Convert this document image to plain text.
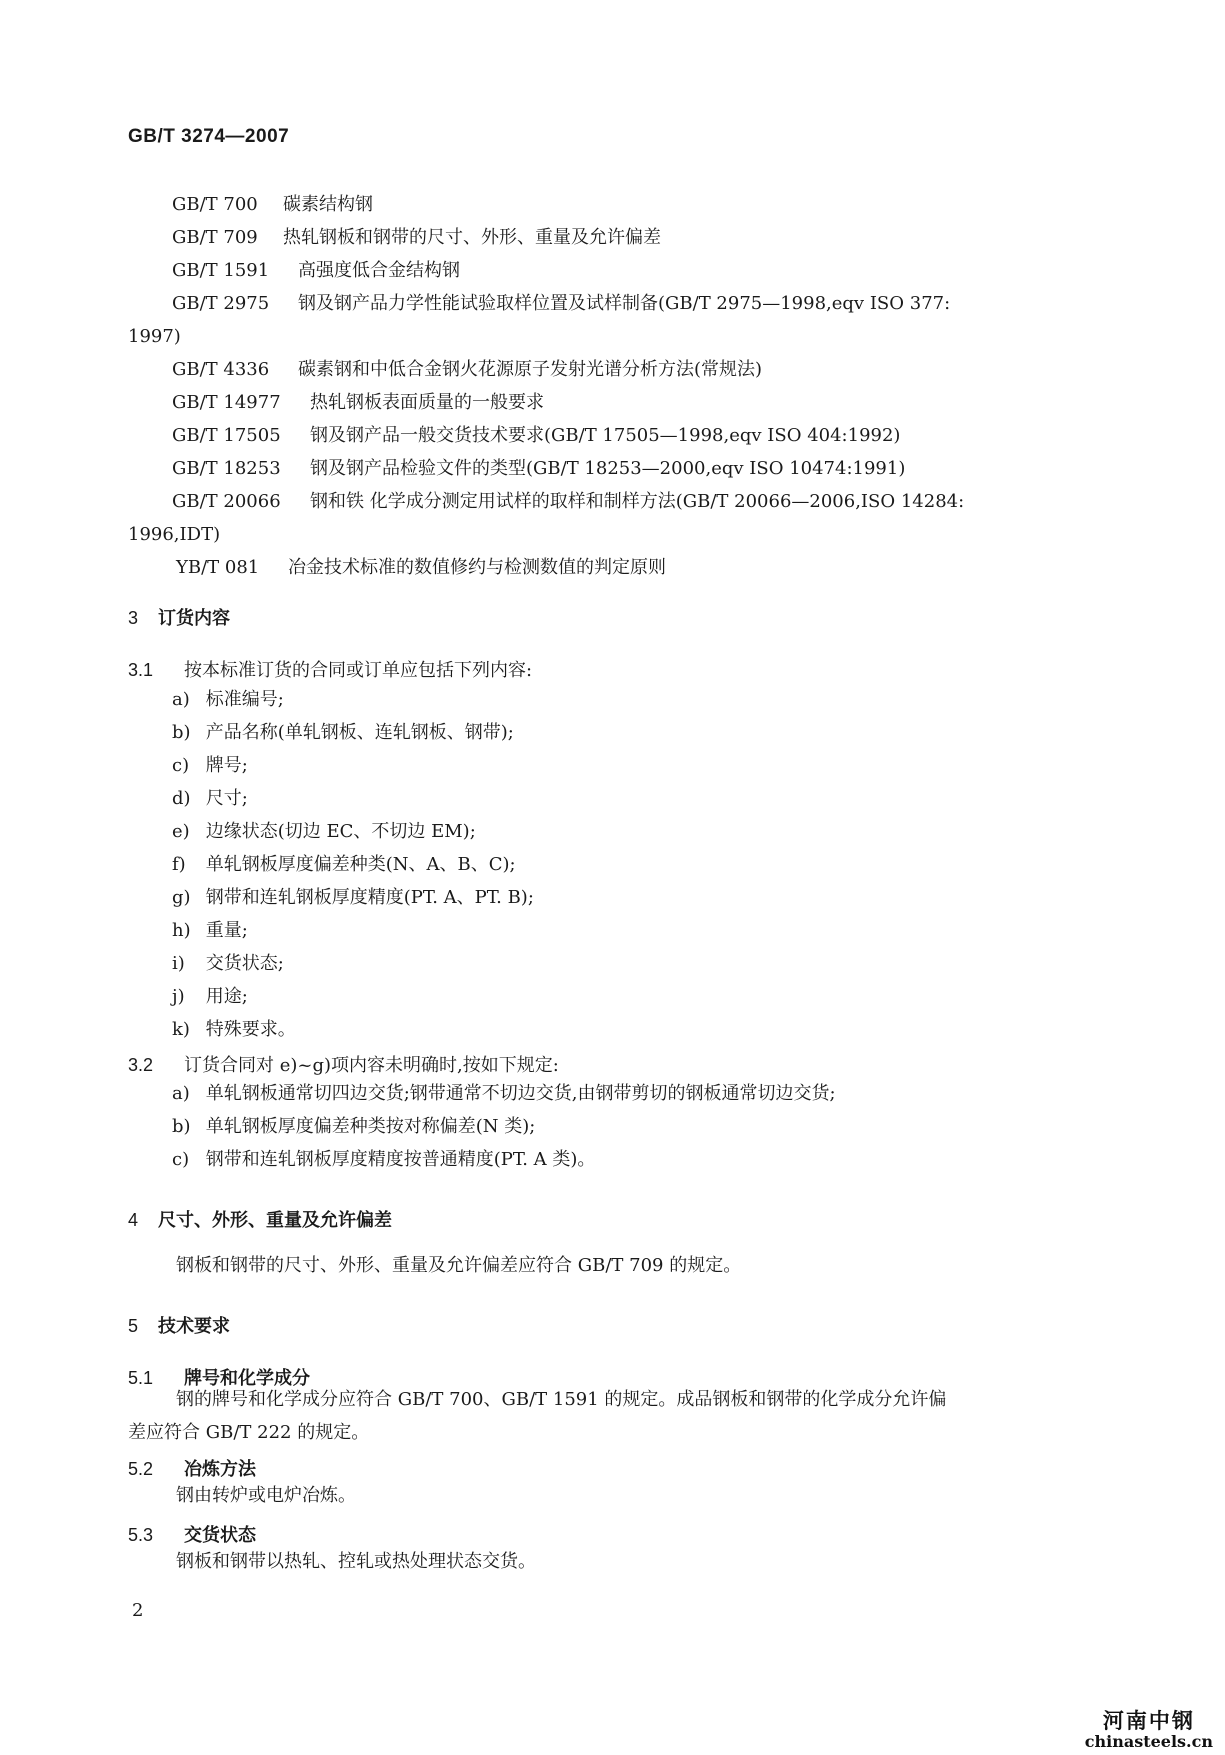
GB/T 3274—2007
GB/T 700 碳素结构钢
GB/T 709 热轧钢板和钢带的尺寸、外形、重量及允许偏差
GB/T 1591 高强度低合金结构钢
GB/T 2975 钢及钢产品力学性能试验取样位置及试样制备(GB/T 2975—1998,eqv ISO 377:
1997)
GB/T 4336 碳素钢和中低合金钢火花源原子发射光谱分析方法(常规法)
GB/T 14977 热轧钢板表面质量的一般要求
GB/T 17505 钢及钢产品一般交货技术要求(GB/T 17505—1998,eqv ISO 404:1992)
GB/T 18253 钢及钢产品检验文件的类型(GB/T 18253—2000,eqv ISO 10474:1991)
GB/T 20066 钢和铁 化学成分测定用试样的取样和制样方法(GB/T 20066—2006,ISO 14284:
1996,IDT)
YB/T 081 冶金技术标准的数值修约与检测数值的判定原则
3 订货内容
3.1 按本标准订货的合同或订单应包括下列内容:
a) 标准编号;
b) 产品名称(单轧钢板、连轧钢板、钢带);
c) 牌号;
d) 尺寸;
e) 边缘状态(切边 EC、不切边 EM);
f) 单轧钢板厚度偏差种类(N、A、B、C);
g) 钢带和连轧钢板厚度精度(PT. A、PT. B);
h) 重量;
i) 交货状态;
j) 用途;
k) 特殊要求。
3.2 订货合同对 e)~g)项内容未明确时,按如下规定:
a) 单轧钢板通常切四边交货;钢带通常不切边交货,由钢带剪切的钢板通常切边交货;
b) 单轧钢板厚度偏差种类按对称偏差(N 类);
c) 钢带和连轧钢板厚度精度按普通精度(PT. A 类)。
4 尺寸、外形、重量及允许偏差
钢板和钢带的尺寸、外形、重量及允许偏差应符合 GB/T 709 的规定。
5 技术要求
5.1 牌号和化学成分
钢的牌号和化学成分应符合 GB/T 700、GB/T 1591 的规定。成品钢板和钢带的化学成分允许偏
差应符合 GB/T 222 的规定。
5.2 冶炼方法
钢由转炉或电炉冶炼。
5.3 交货状态
钢板和钢带以热轧、控轧或热处理状态交货。
2
河南中钢
chinasteels.cn
